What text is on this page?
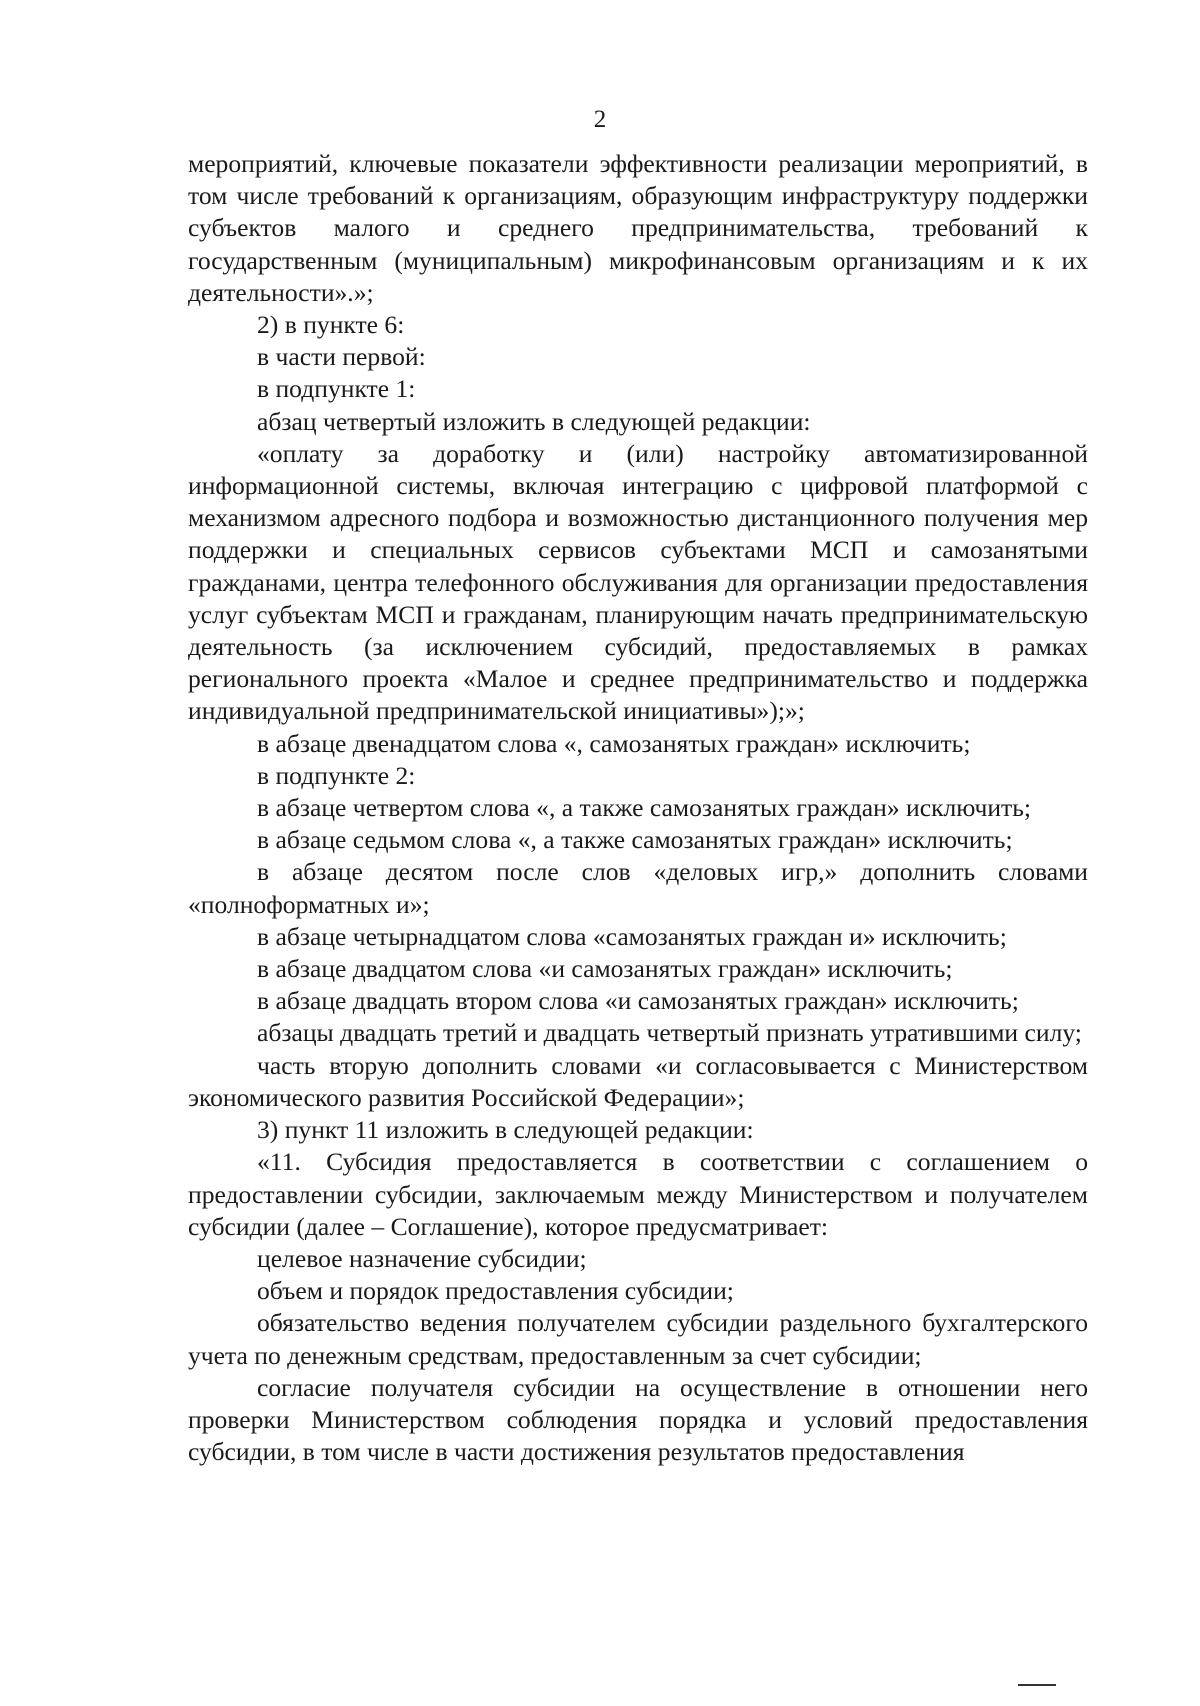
2

мероприятий, ключевые показатели эффективности реализации мероприятий, в том числе требований к организациям, образующим инфраструктуру поддержки субъектов малого и среднего предпринимательства, требований к государственным (муниципальным) микрофинансовым организациям и к их деятельности».»;

2) в пункте 6:

в части первой:

в подпункте 1:

абзац четвертый изложить в следующей редакции:

«оплату за доработку и (или) настройку автоматизированной информационной системы, включая интеграцию с цифровой платформой с механизмом адресного подбора и возможностью дистанционного получения мер поддержки и специальных сервисов субъектами МСП и самозанятыми гражданами, центра телефонного обслуживания для организации предоставления услуг субъектам МСП и гражданам, планирующим начать предпринимательскую деятельность (за исключением субсидий, предоставляемых в рамках регионального проекта «Малое и среднее предпринимательство и поддержка индивидуальной предпринимательской инициативы»);»;

в абзаце двенадцатом слова «, самозанятых граждан» исключить;

в подпункте 2:

в абзаце четвертом слова «, а также самозанятых граждан» исключить;

в абзаце седьмом слова «, а также самозанятых граждан» исключить;

в абзаце десятом после слов «деловых игр,» дополнить словами «полноформатных и»;

в абзаце четырнадцатом слова «самозанятых граждан и» исключить;

в абзаце двадцатом слова «и самозанятых граждан» исключить;

в абзаце двадцать втором слова «и самозанятых граждан» исключить;

абзацы двадцать третий и двадцать четвертый признать утратившими силу;

часть вторую дополнить словами «и согласовывается с Министерством экономического развития Российской Федерации»;

3) пункт 11 изложить в следующей редакции:

«11. Субсидия предоставляется в соответствии с соглашением о предоставлении субсидии, заключаемым между Министерством и получателем субсидии (далее – Соглашение), которое предусматривает:

целевое назначение субсидии;

объем и порядок предоставления субсидии;

обязательство ведения получателем субсидии раздельного бухгалтерского учета по денежным средствам, предоставленным за счет субсидии;

согласие получателя субсидии на осуществление в отношении него проверки Министерством соблюдения порядка и условий предоставления субсидии, в том числе в части достижения результатов предоставления
